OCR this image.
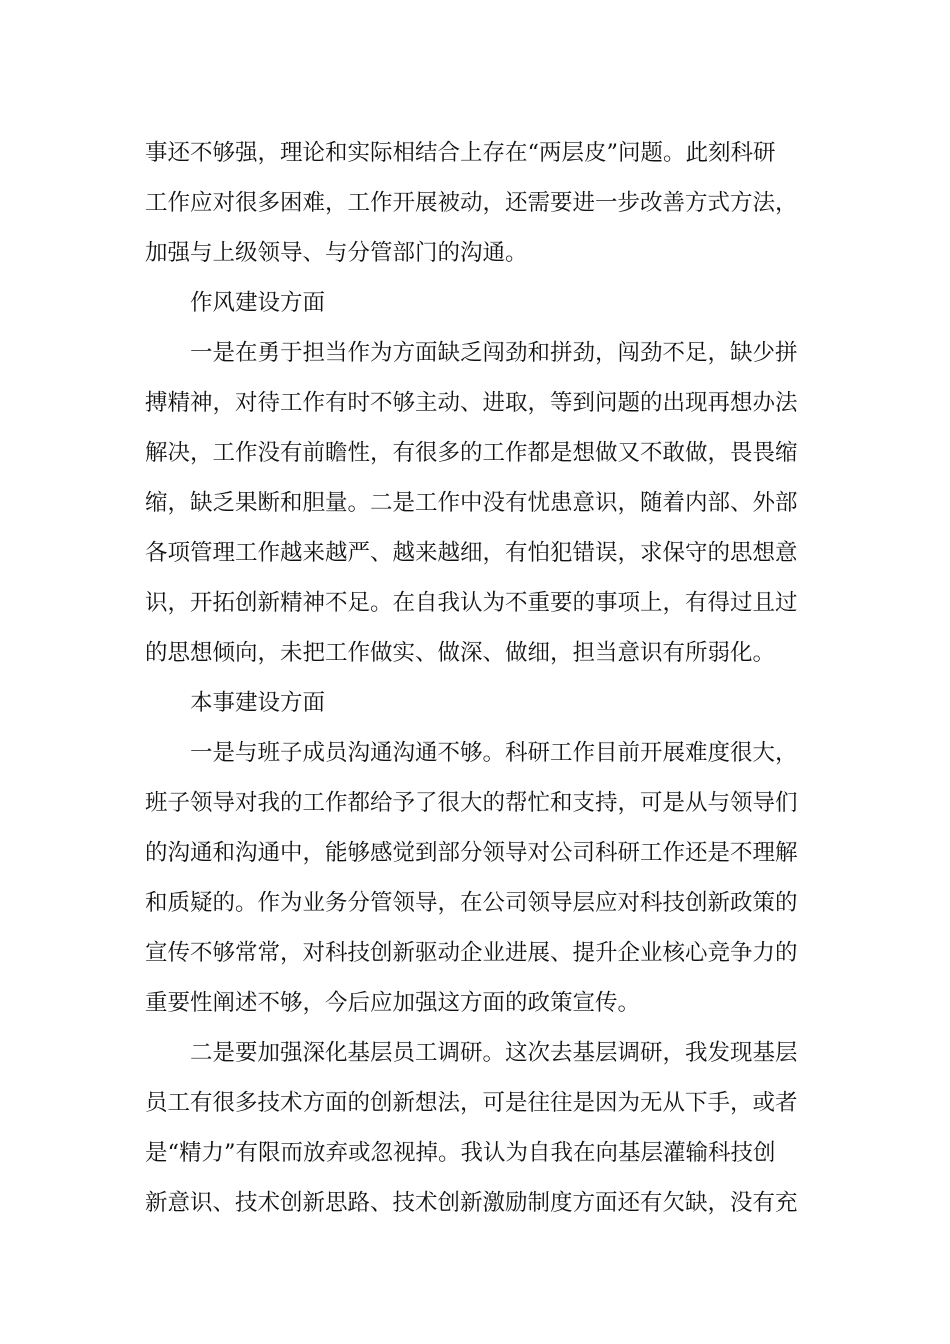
事还不够强，理论和实际相结合上存在“两层皮”问题。此刻科研
工作应对很多困难，工作开展被动，还需要进一步改善方式方法，
加强与上级领导、与分管部门的沟通。
作风建设方面
一是在勇于担当作为方面缺乏闯劲和拼劲，闯劲不足，缺少拼
搏精神，对待工作有时不够主动、进取，等到问题的出现再想办法
解决，工作没有前瞻性，有很多的工作都是想做又不敢做，畏畏缩
缩，缺乏果断和胆量。二是工作中没有忧患意识，随着内部、外部
各项管理工作越来越严、越来越细，有怕犯错误，求保守的思想意
识，开拓创新精神不足。在自我认为不重要的事项上，有得过且过
的思想倾向，未把工作做实、做深、做细，担当意识有所弱化。
本事建设方面
一是与班子成员沟通沟通不够。科研工作目前开展难度很大，
班子领导对我的工作都给予了很大的帮忙和支持，可是从与领导们
的沟通和沟通中，能够感觉到部分领导对公司科研工作还是不理解
和质疑的。作为业务分管领导，在公司领导层应对科技创新政策的
宣传不够常常，对科技创新驱动企业进展、提升企业核心竞争力的
重要性阐述不够，今后应加强这方面的政策宣传。
二是要加强深化基层员工调研。这次去基层调研，我发现基层
员工有很多技术方面的创新想法，可是往往是因为无从下手，或者
是“精力”有限而放弃或忽视掉。我认为自我在向基层灌输科技创
新意识、技术创新思路、技术创新激励制度方面还有欠缺，没有充
